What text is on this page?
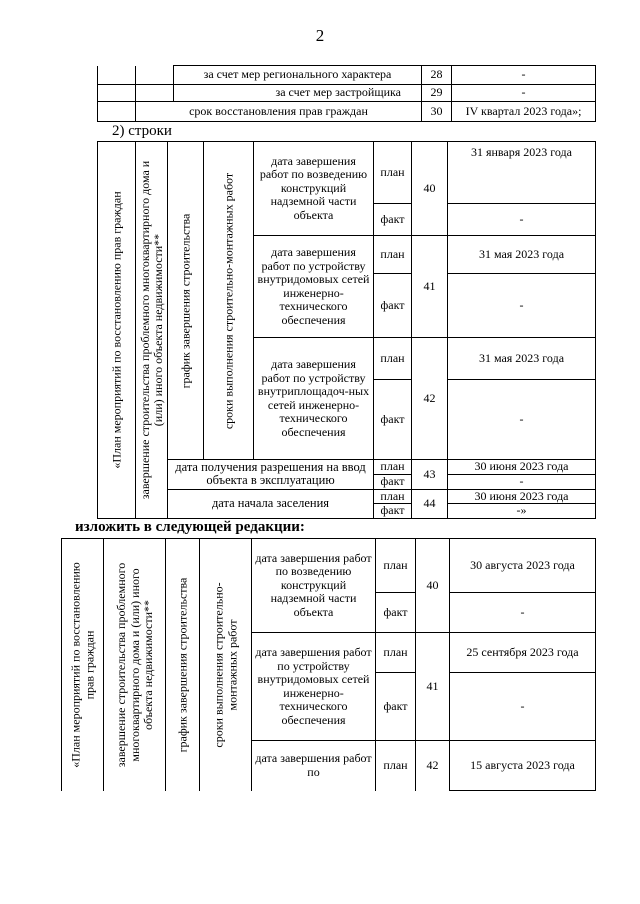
2
		за счет мер регионального характера	28	-
		за счет мер застройщика	29	-
	срок восстановления прав граждан		30	IV квартал 2023 года»;
2) строки
«План мероприятий по восстановлению прав граждан	завершение строительства проблемного многоквартирного дома и
(или) иного объекта недвижимости**	график завершения строительства	сроки выполнения строительно-монтажных работ	дата завершения работ по возведению конструкций надземной части объекта	план	40	31 января 2023 года
					факт		-
				дата завершения работ по устройству внутридомовых сетей инженерно-технического обеспечения	план	41	31 мая 2023 года
					факт		-
				дата завершения работ по устройству внутриплощадоч-ных сетей инженерно-технического обеспечения	план	42	31 мая 2023 года
					факт		-
		дата получения разрешения на ввод объекта в эксплуатацию			план	43	30 июня 2023 года
					факт		-
		дата начала заселения			план	44	30 июня 2023 года
					факт		-»
изложить в следующей редакции:
«План мероприятий по восстановлению
прав граждан	завершение строительства проблемного
многоквартирного дома и (или) иного
объекта недвижимости**	график завершения строительства	сроки выполнения строительно-
монтажных работ	дата завершения работ по возведению конструкций надземной части объекта	план	40	30 августа 2023 года
					факт		-
				дата завершения работ по устройству внутридомовых сетей инженерно-технического обеспечения	план	41	25 сентября 2023 года
					факт		-
				дата завершения работ по	план	42	15 августа 2023 года
